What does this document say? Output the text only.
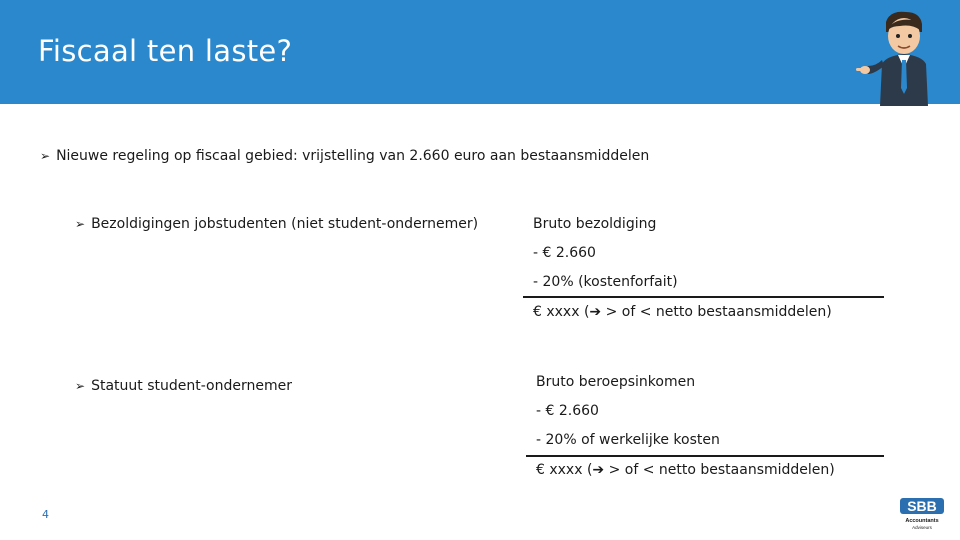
Fiscaal ten laste?
➢ Nieuwe regeling op fiscaal gebied: vrijstelling van 2.660 euro aan bestaansmiddelen
➢ Bezoldigingen jobstudenten (niet student-ondernemer)	Bruto bezoldiging
- € 2.660
- 20% (kostenforfait)
€ xxxx (➔ > of < netto bestaansmiddelen)
➢ Statuut student-ondernemer	Bruto beroepsinkomen
- € 2.660
- 20% of werkelijke kosten
€ xxxx (➔ > of < netto bestaansmiddelen)
4
SBB
Accountants
Adviseurs
